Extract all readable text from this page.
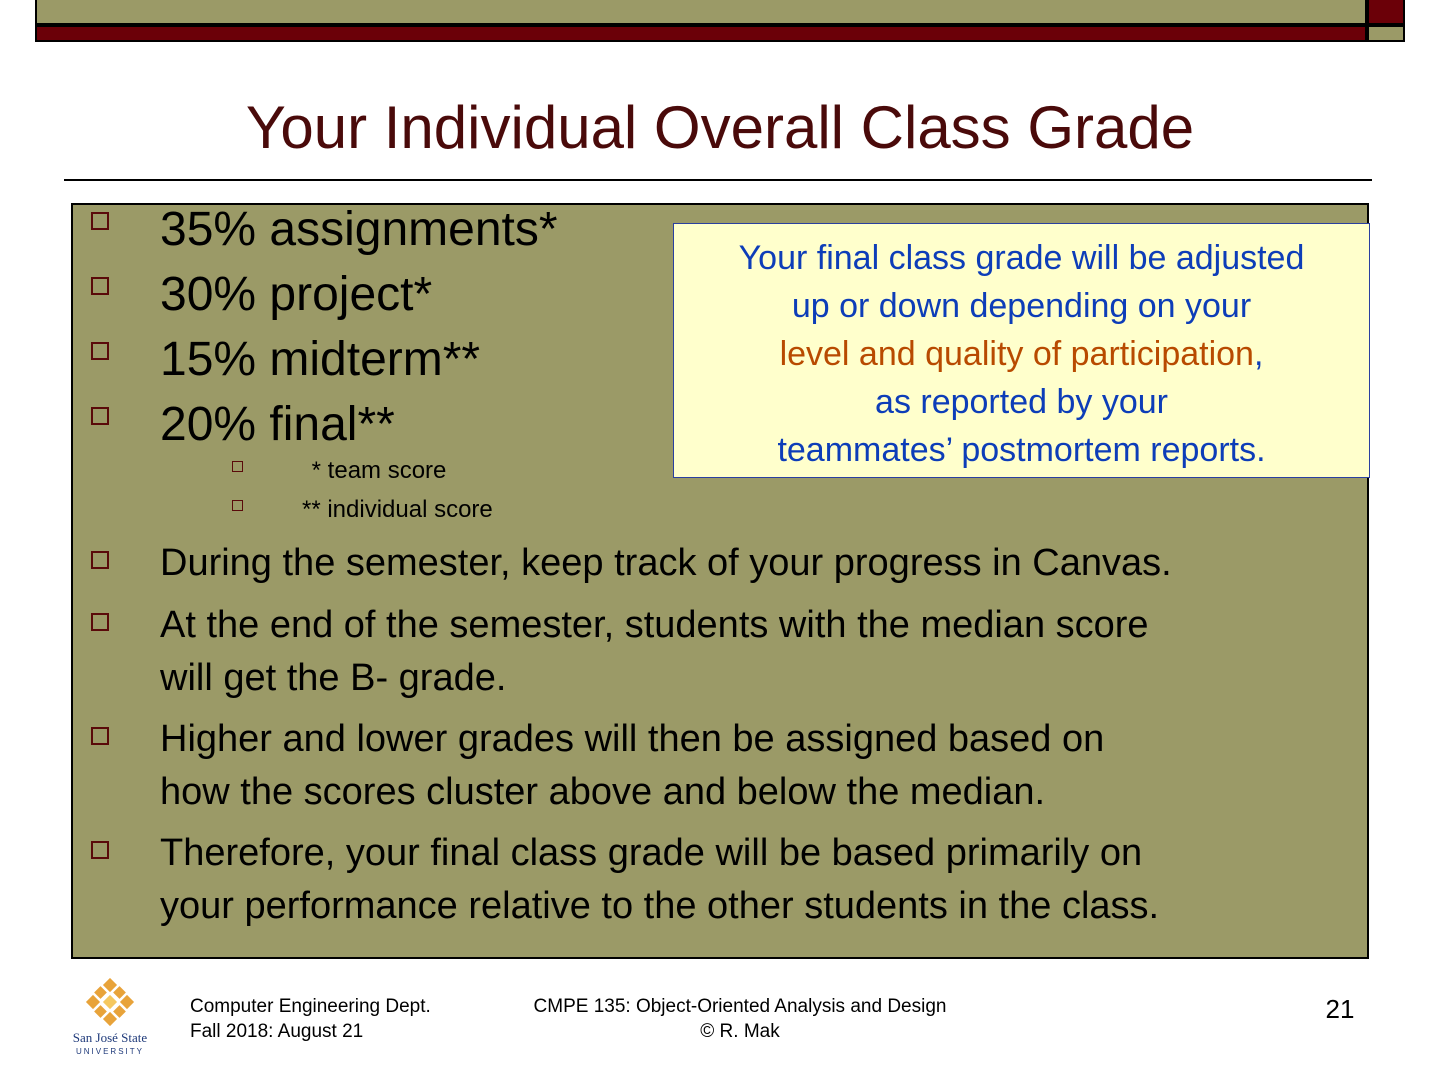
Your Individual Overall Class Grade
35% assignments*
30% project*
15% midterm**
20% final**
* team score
** individual score
During the semester, keep track of your progress in Canvas.
At the end of the semester, students with the median score
will get the B- grade.
Higher and lower grades will then be assigned based on
how the scores cluster above and below the median.
Therefore, your final class grade will be based primarily on
your performance relative to the other students in the class.
Your final class grade will be adjusted
up or down depending on your
level and quality of participation,
as reported by your
teammates’ postmortem reports.
San José State
UNIVERSITY
Computer Engineering Dept.
Fall 2018: August 21
CMPE 135: Object-Oriented Analysis and Design
© R. Mak
21
